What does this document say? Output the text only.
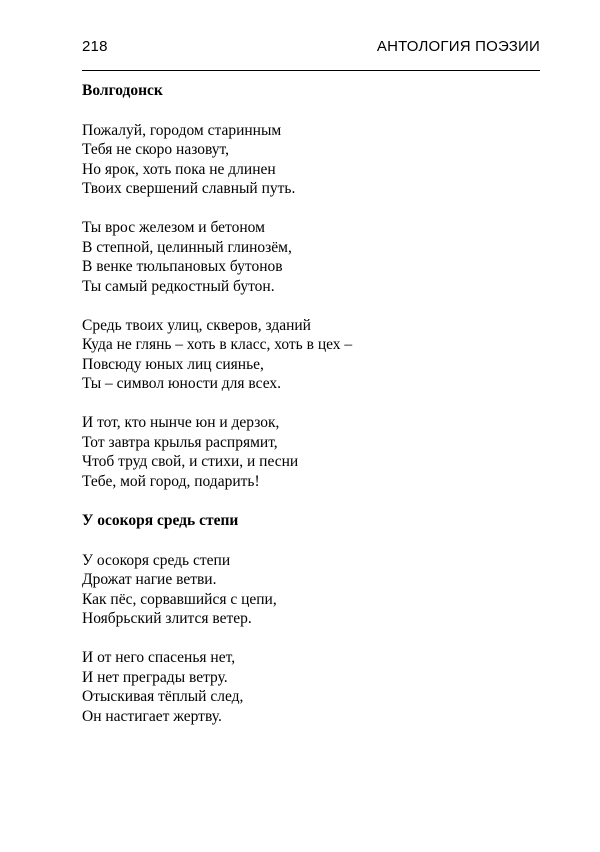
218	АНТОЛОГИЯ ПОЭЗИИ
Волгодонск
Пожалуй, городом старинным
Тебя не скоро назовут,
Но ярок, хоть пока не длинен
Твоих свершений славный путь.
Ты врос железом и бетоном
В степной, целинный глинозём,
В венке тюльпановых бутонов
Ты самый редкостный бутон.
Средь твоих улиц, скверов, зданий
Куда не глянь – хоть в класс, хоть в цех –
Повсюду юных лиц сиянье,
Ты – символ юности для всех.
И тот, кто нынче юн и дерзок,
Тот завтра крылья распрямит,
Чтоб труд свой, и стихи, и песни
Тебе, мой город, подарить!
У осокоря средь степи
У осокоря средь степи
Дрожат нагие ветви.
Как пёс, сорвавшийся с цепи,
Ноябрьский злится ветер.
И от него спасенья нет,
И нет преграды ветру.
Отыскивая тёплый след,
Он настигает жертву.
